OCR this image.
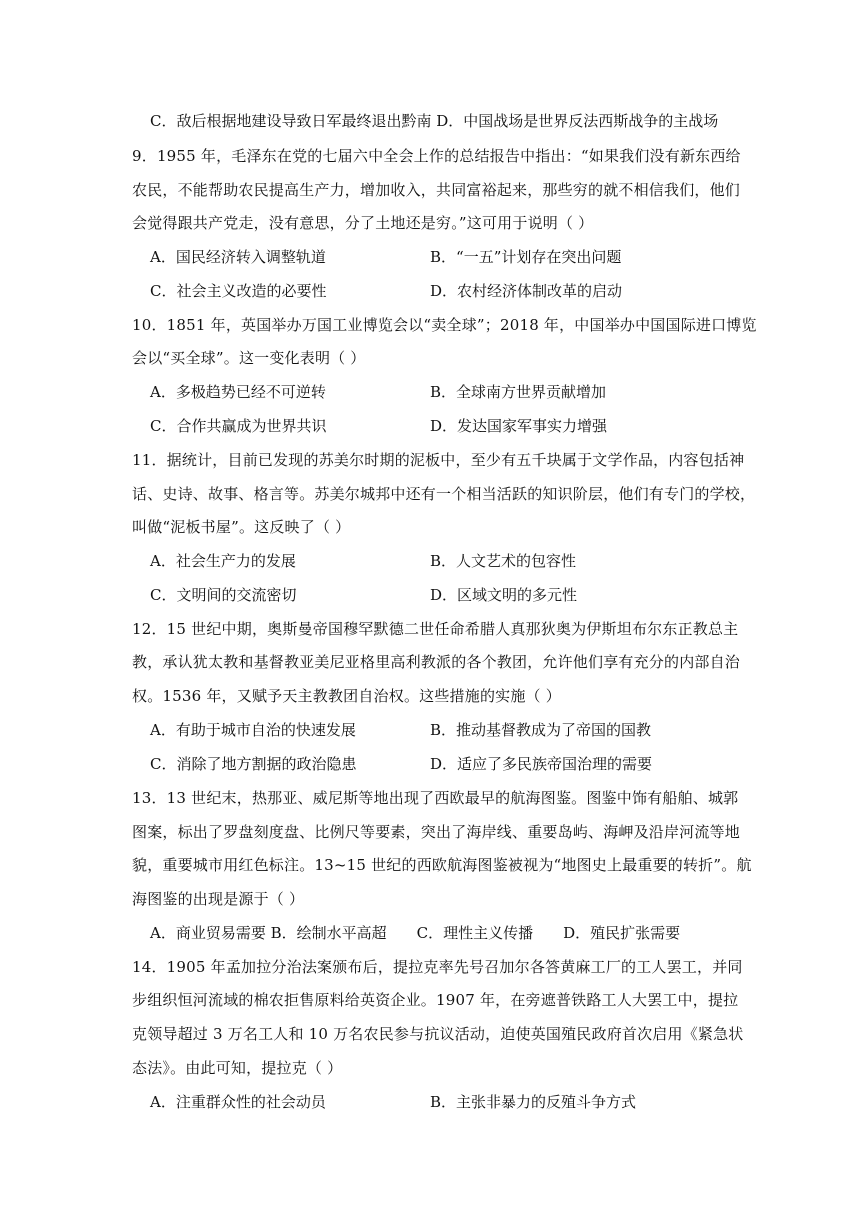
C．敌后根据地建设导致日军最终退出黔南 D．中国战场是世界反法西斯战争的主战场
9．1955 年，毛泽东在党的七届六中全会上作的总结报告中指出：“如果我们没有新东西给
农民，不能帮助农民提高生产力，增加收入，共同富裕起来，那些穷的就不相信我们，他们
会觉得跟共产党走，没有意思，分了土地还是穷。”这可用于说明（ ）
A．国民经济转入调整轨道	B．“一五”计划存在突出问题
C．社会主义改造的必要性	D．农村经济体制改革的启动
10．1851 年，英国举办万国工业博览会以“卖全球”；2018 年，中国举办中国国际进口博览
会以“买全球”。这一变化表明（ ）
A．多极趋势已经不可逆转	B．全球南方世界贡献增加
C．合作共赢成为世界共识	D．发达国家军事实力增强
11．据统计，目前已发现的苏美尔时期的泥板中，至少有五千块属于文学作品，内容包括神
话、史诗、故事、格言等。苏美尔城邦中还有一个相当活跃的知识阶层，他们有专门的学校，
叫做“泥板书屋”。这反映了（ ）
A．社会生产力的发展	B．人文艺术的包容性
C．文明间的交流密切	D．区域文明的多元性
12．15 世纪中期，奥斯曼帝国穆罕默德二世任命希腊人真那狄奥为伊斯坦布尔东正教总主
教，承认犹太教和基督教亚美尼亚格里高利教派的各个教团，允许他们享有充分的内部自治
权。1536 年，又赋予天主教教团自治权。这些措施的实施（ ）
A．有助于城市自治的快速发展	B．推动基督教成为了帝国的国教
C．消除了地方割据的政治隐患	D．适应了多民族帝国治理的需要
13．13 世纪末，热那亚、威尼斯等地出现了西欧最早的航海图鉴。图鉴中饰有船舶、城郭
图案，标出了罗盘刻度盘、比例尺等要素，突出了海岸线、重要岛屿、海岬及沿岸河流等地
貌，重要城市用红色标注。13~15 世纪的西欧航海图鉴被视为“地图史上最重要的转折”。航
海图鉴的出现是源于（ ）
A．商业贸易需要 B．绘制水平高超　　C．理性主义传播　　D．殖民扩张需要
14．1905 年孟加拉分治法案颁布后，提拉克率先号召加尔各答黄麻工厂的工人罢工，并同
步组织恒河流域的棉农拒售原料给英资企业。1907 年，在旁遮普铁路工人大罢工中，提拉
克领导超过 3 万名工人和 10 万名农民参与抗议活动，迫使英国殖民政府首次启用《紧急状
态法》。由此可知，提拉克（ ）
A．注重群众性的社会动员	B．主张非暴力的反殖斗争方式
